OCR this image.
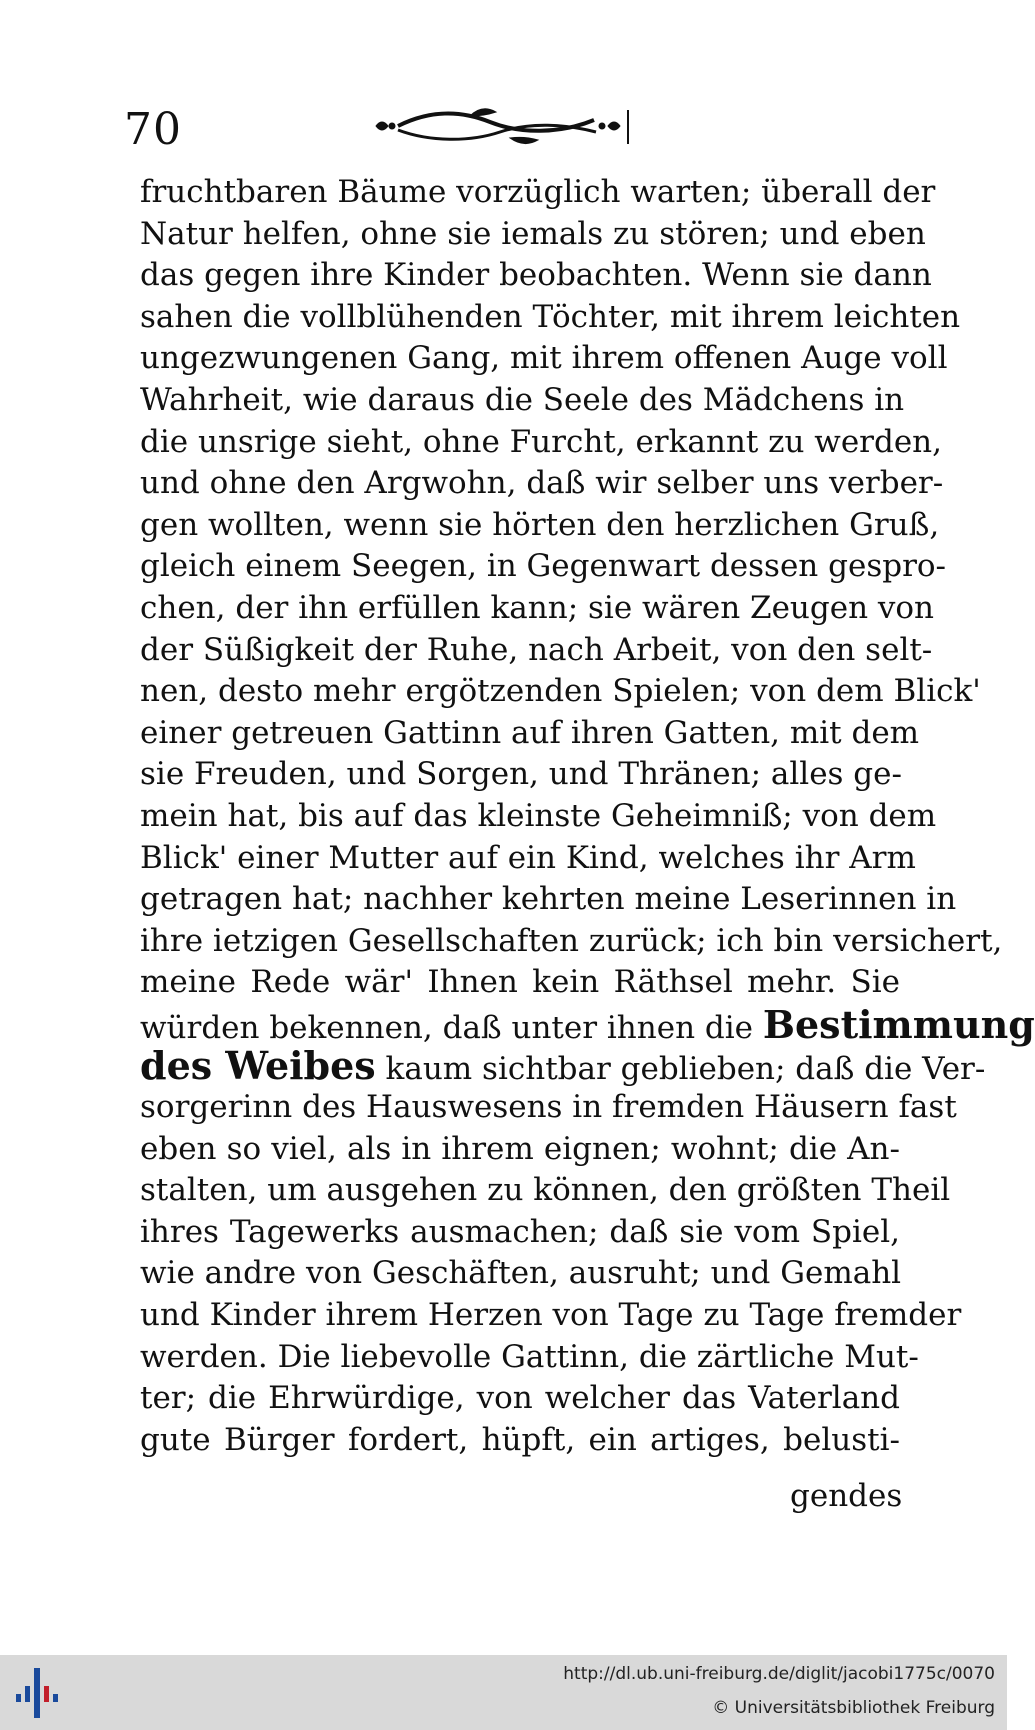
70
fruchtbaren Bäume vorzüglich warten; überall der
Natur helfen, ohne sie iemals zu stören; und eben
das gegen ihre Kinder beobachten. Wenn sie dann
sahen die vollblühenden Töchter, mit ihrem leichten
ungezwungenen Gang, mit ihrem offenen Auge voll
Wahrheit, wie daraus die Seele des Mädchens in
die unsrige sieht, ohne Furcht, erkannt zu werden,
und ohne den Argwohn, daß wir selber uns verber-
gen wollten, wenn sie hörten den herzlichen Gruß,
gleich einem Seegen, in Gegenwart dessen gespro-
chen, der ihn erfüllen kann; sie wären Zeugen von
der Süßigkeit der Ruhe, nach Arbeit, von den selt-
nen, desto mehr ergötzenden Spielen; von dem Blick'
einer getreuen Gattinn auf ihren Gatten, mit dem
sie Freuden, und Sorgen, und Thränen; alles ge-
mein hat, bis auf das kleinste Geheimniß; von dem
Blick' einer Mutter auf ein Kind, welches ihr Arm
getragen hat; nachher kehrten meine Leserinnen in
ihre ietzigen Gesellschaften zurück; ich bin versichert,
meine Rede wär' Ihnen kein Räthsel mehr. Sie
würden bekennen, daß unter ihnen die Bestimmung
des Weibes kaum sichtbar geblieben; daß die Ver-
sorgerinn des Hauswesens in fremden Häusern fast
eben so viel, als in ihrem eignen; wohnt; die An-
stalten, um ausgehen zu können, den größten Theil
ihres Tagewerks ausmachen; daß sie vom Spiel,
wie andre von Geschäften, ausruht; und Gemahl
und Kinder ihrem Herzen von Tage zu Tage fremder
werden. Die liebevolle Gattinn, die zärtliche Mut-
ter; die Ehrwürdige, von welcher das Vaterland
gute Bürger fordert, hüpft, ein artiges, belusti-
gendes
http://dl.ub.uni-freiburg.de/diglit/jacobi1775c/0070
© Universitätsbibliothek Freiburg
